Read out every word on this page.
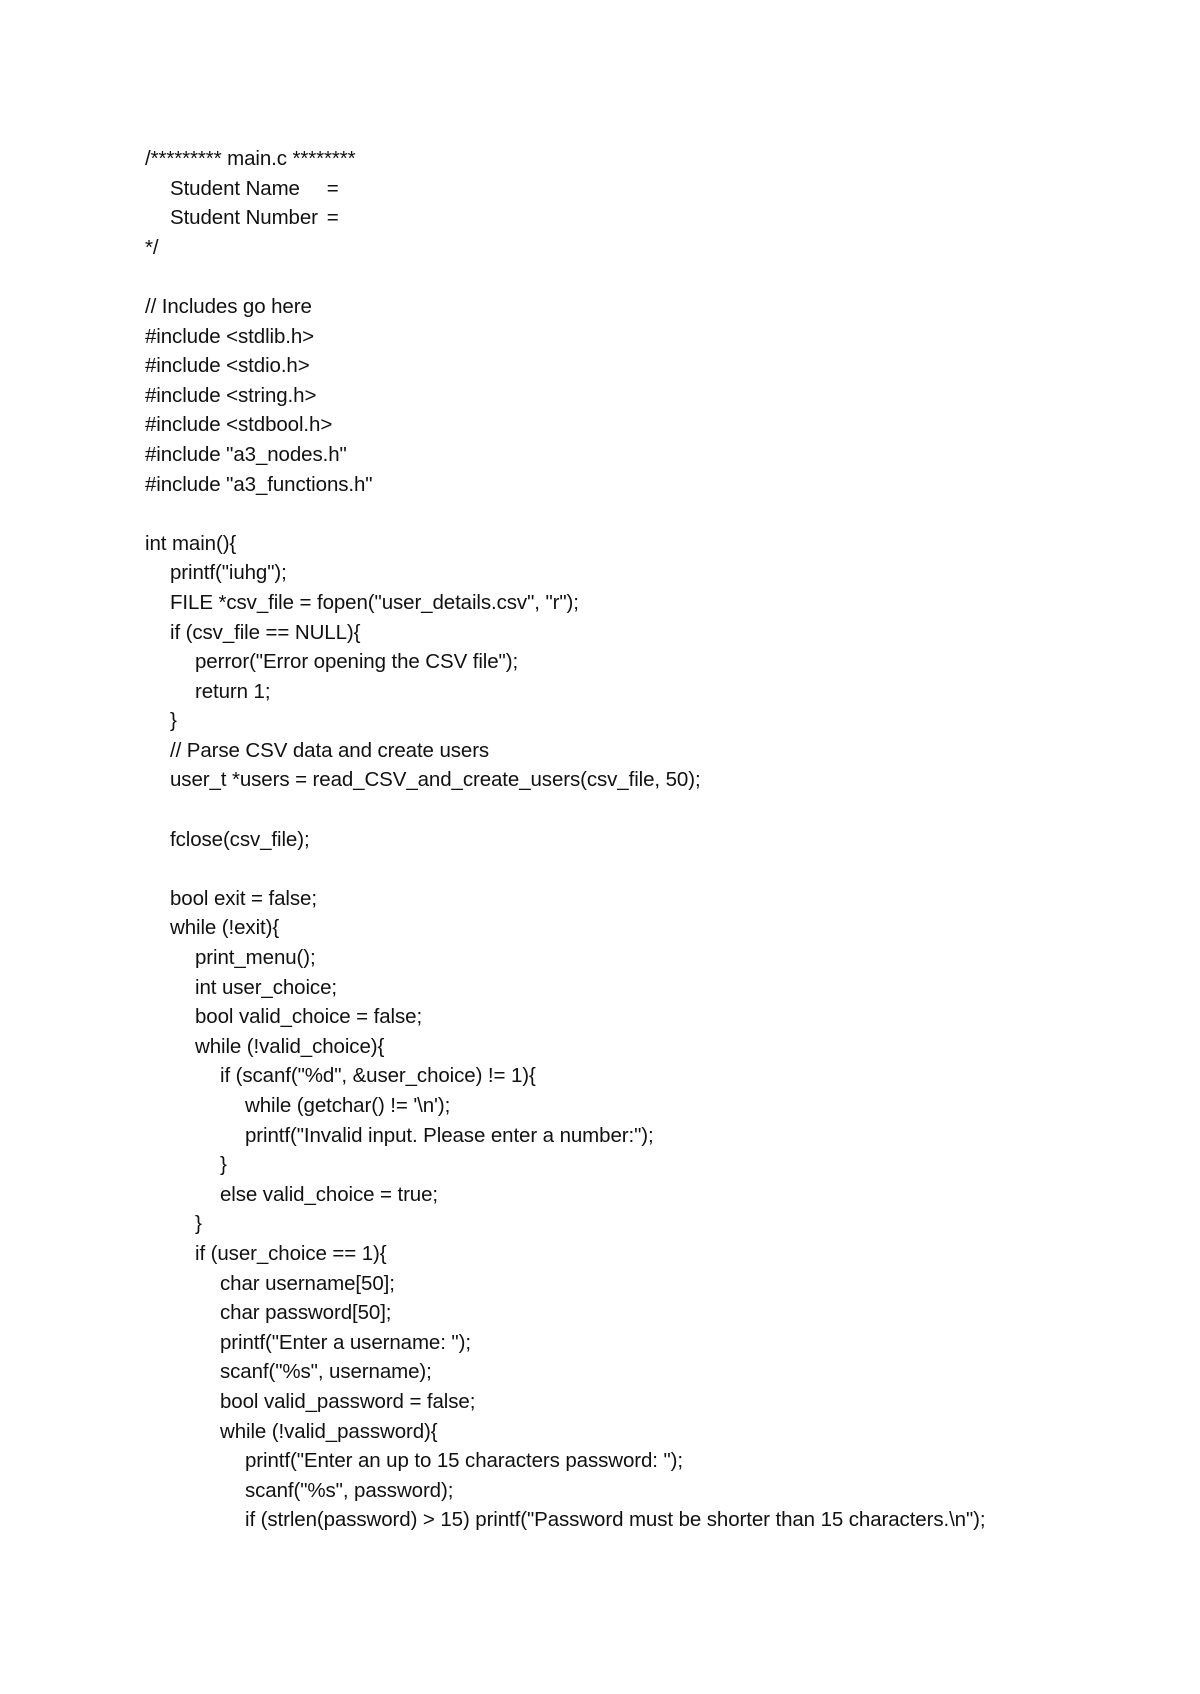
/********* main.c ********
Student Name		=
Student Number	=
*/
// Includes go here
#include <stdlib.h>
#include <stdio.h>
#include <string.h>
#include <stdbool.h>
#include "a3_nodes.h"
#include "a3_functions.h"
int main(){
printf("iuhg");
FILE *csv_file = fopen("user_details.csv", "r");
if (csv_file == NULL){
perror("Error opening the CSV file");
return 1;
}
// Parse CSV data and create users
user_t *users = read_CSV_and_create_users(csv_file, 50);
fclose(csv_file);
bool exit = false;
while (!exit){
print_menu();
int user_choice;
bool valid_choice = false;
while (!valid_choice){
if (scanf("%d", &user_choice) != 1){
while (getchar() != '\n');
printf("Invalid input. Please enter a number:");
}
else valid_choice = true;
}
if (user_choice == 1){
char username[50];
char password[50];
printf("Enter a username: ");
scanf("%s", username);
bool valid_password = false;
while (!valid_password){
printf("Enter an up to 15 characters password: ");
scanf("%s", password);
if (strlen(password) > 15) printf("Password must be shorter than 15 characters.\n");
